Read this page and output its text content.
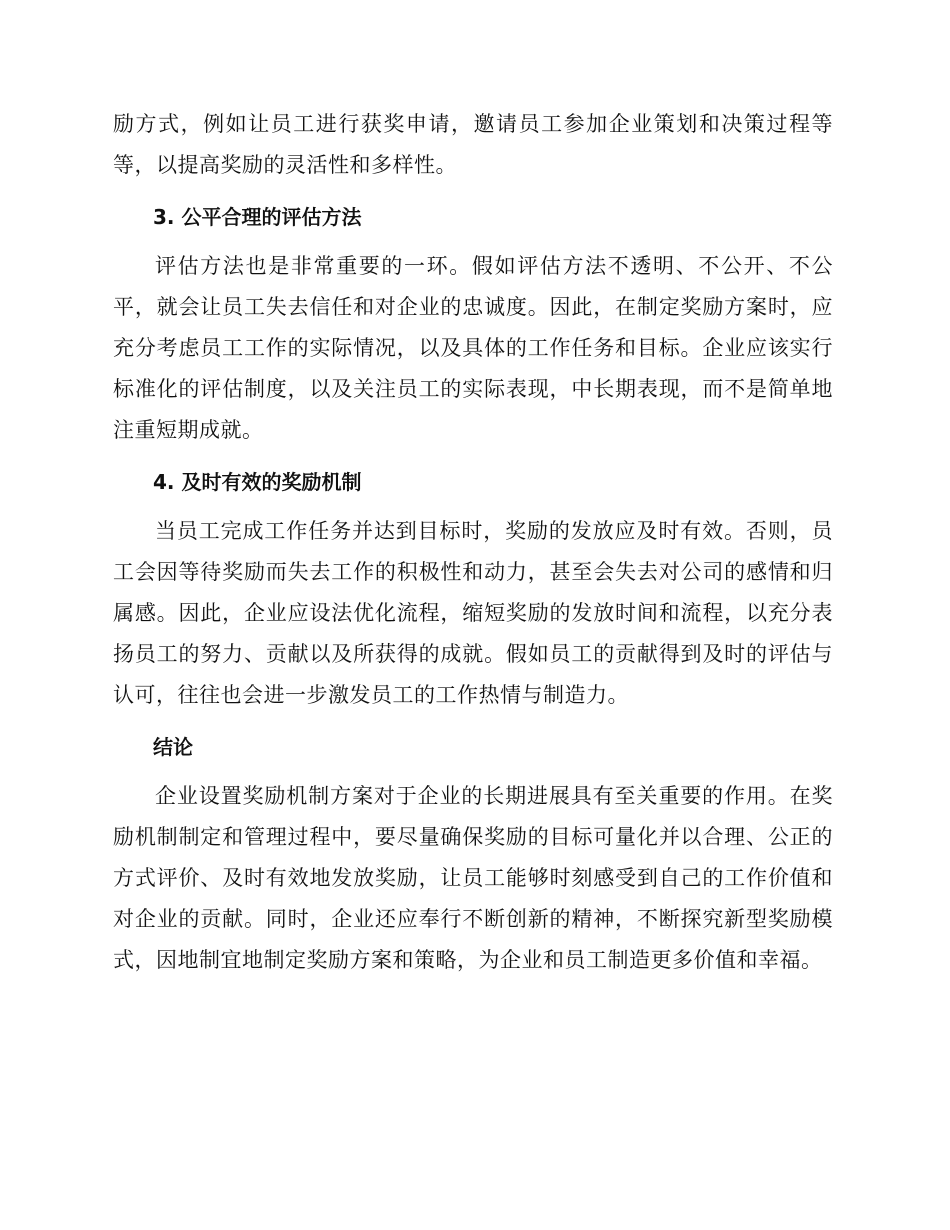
励方式，例如让员工进行获奖申请，邀请员工参加企业策划和决策过程等等，以提高奖励的灵活性和多样性。

3. 公平合理的评估方法

评估方法也是非常重要的一环。假如评估方法不透明、不公开、不公平，就会让员工失去信任和对企业的忠诚度。因此，在制定奖励方案时，应充分考虑员工工作的实际情况，以及具体的工作任务和目标。企业应该实行标准化的评估制度，以及关注员工的实际表现，中长期表现，而不是简单地注重短期成就。

4. 及时有效的奖励机制

当员工完成工作任务并达到目标时，奖励的发放应及时有效。否则，员工会因等待奖励而失去工作的积极性和动力，甚至会失去对公司的感情和归属感。因此，企业应设法优化流程，缩短奖励的发放时间和流程，以充分表扬员工的努力、贡献以及所获得的成就。假如员工的贡献得到及时的评估与认可，往往也会进一步激发员工的工作热情与制造力。

结论

企业设置奖励机制方案对于企业的长期进展具有至关重要的作用。在奖励机制制定和管理过程中，要尽量确保奖励的目标可量化并以合理、公正的方式评价、及时有效地发放奖励，让员工能够时刻感受到自己的工作价值和对企业的贡献。同时，企业还应奉行不断创新的精神，不断探究新型奖励模式，因地制宜地制定奖励方案和策略，为企业和员工制造更多价值和幸福。
